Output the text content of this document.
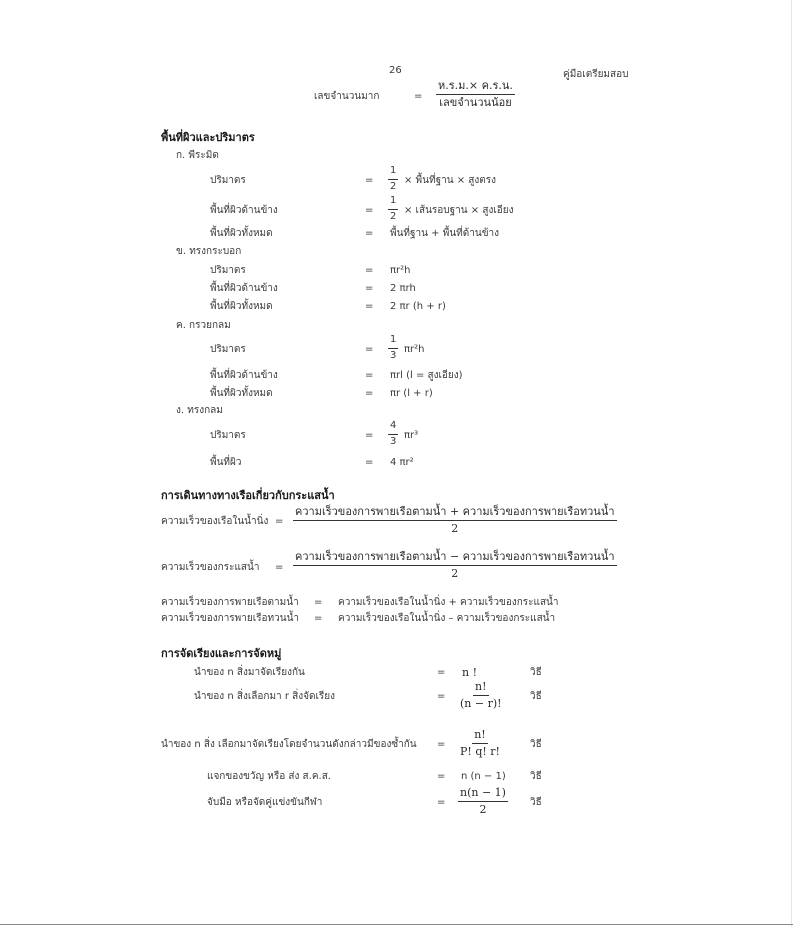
26	คู่มือเตรียมสอบ
เลขจำนวนมาก	=
ห.ร.ม.× ค.ร.น.
เลขจำนวนน้อย
พื้นที่ผิวและปริมาตร
ก. พีระมิด
ปริมาตร	= $\frac{1}{2}$ × พื้นที่ฐาน × สูงตรง
พื้นที่ผิวด้านข้าง	= $\frac{1}{2}$ × เส้นรอบฐาน × สูงเอียง
พื้นที่ผิวทั้งหมด	= พื้นที่ฐาน + พื้นที่ด้านข้าง
ข. ทรงกระบอก
ปริมาตร	= πr²h
พื้นที่ผิวด้านข้าง	= 2 πrh
พื้นที่ผิวทั้งหมด	= 2 πr (h + r)
ค. กรวยกลม
ปริมาตร	= $\frac{1}{3} \pi r^2h$
พื้นที่ผิวด้านข้าง	= πrl (l = สูงเอียง)
พื้นที่ผิวทั้งหมด	= πr (l + r)
ง. ทรงกลม
ปริมาตร	= $\frac{4}{3} \pi r^3$
พื้นที่ผิว	= 4 πr²
การเดินทางทางเรือเกี่ยวกับกระแสน้ำ
ความเร็วของเรือในน้ำนิ่ง =
ความเร็วของการพายเรือตามน้ำ + ความเร็วของการพายเรือทวนน้ำ
2
ความเร็วของกระแสน้ำ =
ความเร็วของการพายเรือตามน้ำ − ความเร็วของการพายเรือทวนน้ำ
2
ความเร็วของการพายเรือตามน้ำ = ความเร็วของเรือในน้ำนิ่ง + ความเร็วของกระแสน้ำ
ความเร็วของการพายเรือทวนน้ำ = ความเร็วของเรือในน้ำนิ่ง – ความเร็วของกระแสน้ำ
การจัดเรียงและการจัดหมู่
นำของ n สิ่งมาจัดเรียงกัน	= n !	วิธี
นำของ n สิ่งเลือกมา r สิ่งจัดเรียง	= $\frac{n!}{(n - r)!}$	วิธี
นำของ n สิ่ง เลือกมาจัดเรียงโดยจำนวนดังกล่าวมีของซ้ำกัน = $\frac{n!}{P! q! r!}$	วิธี
แจกของขวัญ หรือ ส่ง ส.ค.ส.	= n (n − 1) วิธี
จับมือ หรือจัดคู่แข่งขันกีฬา	= $\frac{n(n - 1)}{2}$ วิธี
